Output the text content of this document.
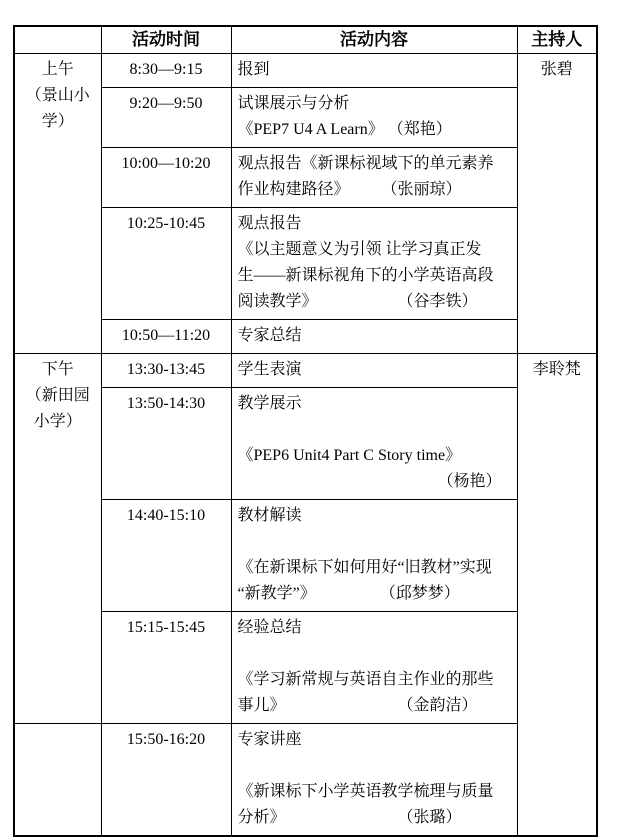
	活动时间	活动内容	主持人

上午
（景山小
学）	8:30—9:15	报到	张碧

	9:20—9:50	试课展示与分析
《PEP7 U4 A Learn》 （郑艳）	

	10:00—10:20	观点报告《新课标视域下的单元素养
作业构建路径》　　　（张丽琼）	

	10:25-10:45	观点报告
《以主题意义为引领 让学习真正发
生——新课标视角下的小学英语高段
阅读教学》　　　　　　（谷李铁）	

	10:50—11:20	专家总结	

下午
（新田园
小学）	13:30-13:45	学生表演	李聆梵

	13:50-14:30	教学展示
《PEP6 Unit4 Part C Story time》
　　　　　　　　　　　　　（杨艳）	

	14:40-15:10	教材解读
《在新课标下如何用好“旧教材”实现
“新教学”》　　　　　（邱梦梦）	

	15:15-15:45	经验总结
《学习新常规与英语自主作业的那些
事儿》　　　　　　　　（金韵洁）	

	15:50-16:20	专家讲座
《新课标下小学英语教学梳理与质量
分析》　　　　　　　　（张璐）	
